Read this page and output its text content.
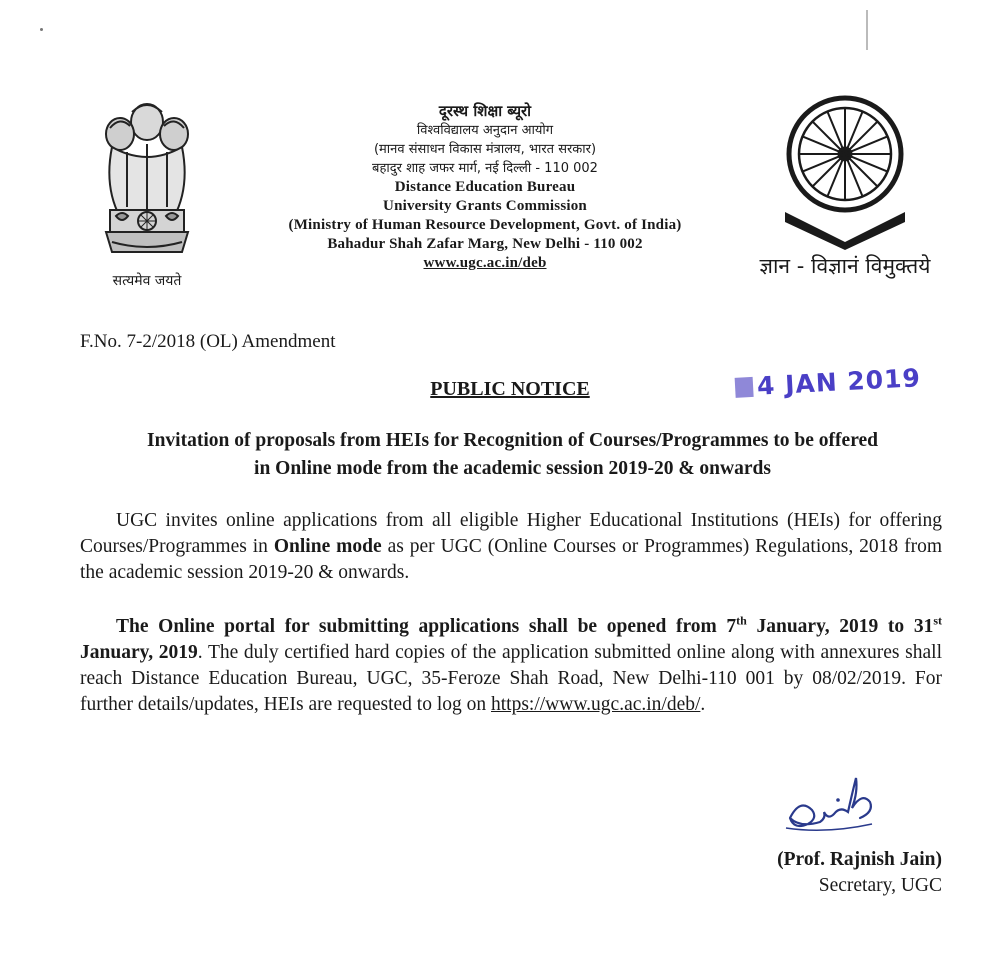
सत्यमेव जयते
दूरस्थ शिक्षा ब्यूरो
विश्वविद्यालय अनुदान आयोग
(मानव संसाधन विकास मंत्रालय, भारत सरकार)
बहादुर शाह जफर मार्ग, नई दिल्ली - 110 002
Distance Education Bureau
University Grants Commission
(Ministry of Human Resource Development, Govt. of India)
Bahadur Shah Zafar Marg, New Delhi - 110 002
www.ugc.ac.in/deb	ज्ञान - विज्ञानं विमुक्तये
F.No. 7-2/2018 (OL) Amendment
4 JAN 2019
PUBLIC NOTICE
Invitation of proposals from HEIs for Recognition of Courses/Programmes to be offered
in Online mode from the academic session 2019-20 & onwards
UGC invites online applications from all eligible Higher Educational Institutions (HEIs) for offering Courses/Programmes in Online mode as per UGC (Online Courses or Programmes) Regulations, 2018 from the academic session 2019-20 & onwards.
The Online portal for submitting applications shall be opened from 7th January, 2019 to 31st January, 2019. The duly certified hard copies of the application submitted online along with annexures shall reach Distance Education Bureau, UGC, 35-Feroze Shah Road, New Delhi-110 001 by 08/02/2019. For further details/updates, HEIs are requested to log on https://www.ugc.ac.in/deb/.
(Prof. Rajnish Jain)
Secretary, UGC
